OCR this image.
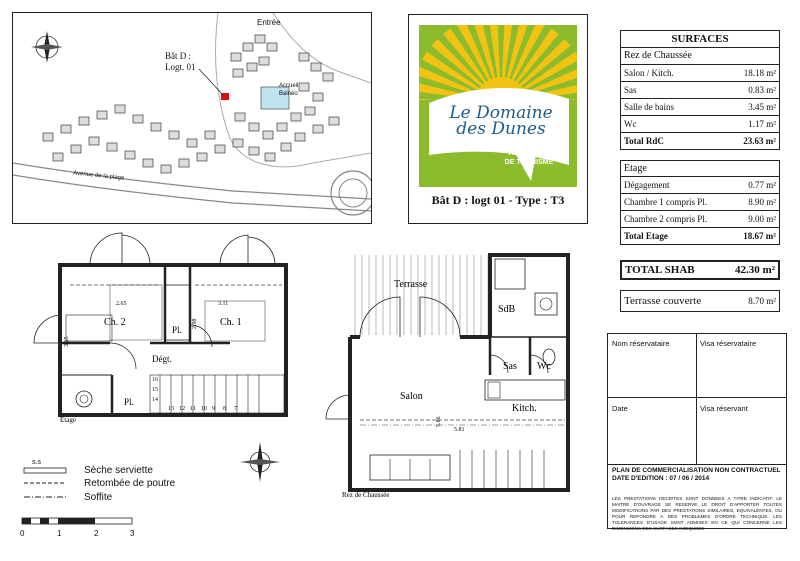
Entrée
Accueil
Balnéo
Bât D :
Logt. 01
Avenue de la plage
Le Domaine
des Dunes
RÉSIDENCE
DE TOURISME
Bât D : logt 01 - Type : T3
SURFACES
Rez de Chaussée
Salon / Kitch.	18.18 m²
Sas	0.83 m²
Salle de bains	3.45 m²
Wc	1.17 m²
Total RdC	23.63 m²
Etage
Dégagement	0.77 m²
Chambre 1 compris Pl.	8.90 m²
Chambre 2 compris Pl.	9.00 m²
Total Etage	18.67 m²
TOTAL SHAB	42.30 m²
Terrasse couverte	8.70 m²
Nom réservataire	Visa réservataire
Date	Visa réservant
PLAN DE COMMERCIALISATION NON CONTRACTUEL
DATE D'EDITION : 07 / 06 / 2014
LES PRESTATIONS DECRITES SONT DONNEES A TITRE INDICATIF. LE MAITRE D'OUVRAGE SE RESERVE LE DROIT D'APPORTER TOUTES MODIFICATIONS PAR DES PRESTATIONS SIMILAIRES, EQUIVALENTES, OU POUR REPONDRE A DES PROBLEMES D'ORDRE TECHNIQUE. LES TOLERANCES D'USAGE SONT ADMISES EN CE QUI CONCERNE LES DIMENSIONS DES SURFACES INDIQUEES
16
15
14
13 12 11 10 9 8 7
Ch. 2	Ch. 1
Pl.
Pl.
Dégt.
2.65	3.11
3.65
2.98
Etage
Terrasse
SdB
Sas Wc
Salon
Kitch.
5.81
5.86
Rez de Chaussée
s.s
Sèche serviette
Retombée de poutre
Soffite
0	1	2	3
